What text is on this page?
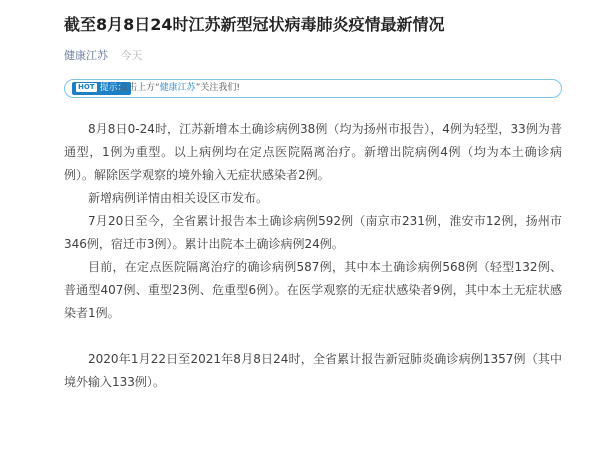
截至8月8日24时江苏新型冠状病毒肺炎疫情最新情况
健康江苏 今天
HOT 提示：
点击上方“健康江苏”关注我们!

8月8日0-24时，江苏新增本土确诊病例38例（均为扬州市报告），4例为轻型，33例为普通型，1例为重型。以上病例均在定点医院隔离治疗。新增出院病例4例（均为本土确诊病例）。解除医学观察的境外输入无症状感染者2例。

新增病例详情由相关设区市发布。

7月20日至今，全省累计报告本土确诊病例592例（南京市231例，淮安市12例，扬州市346例，宿迁市3例）。累计出院本土确诊病例24例。

目前，在定点医院隔离治疗的确诊病例587例，其中本土确诊病例568例（轻型132例、普通型407例、重型23例、危重型6例）。在医学观察的无症状感染者9例，其中本土无症状感染者1例。

2020年1月22日至2021年8月8日24时，全省累计报告新冠肺炎确诊病例1357例（其中境外输入133例）。
